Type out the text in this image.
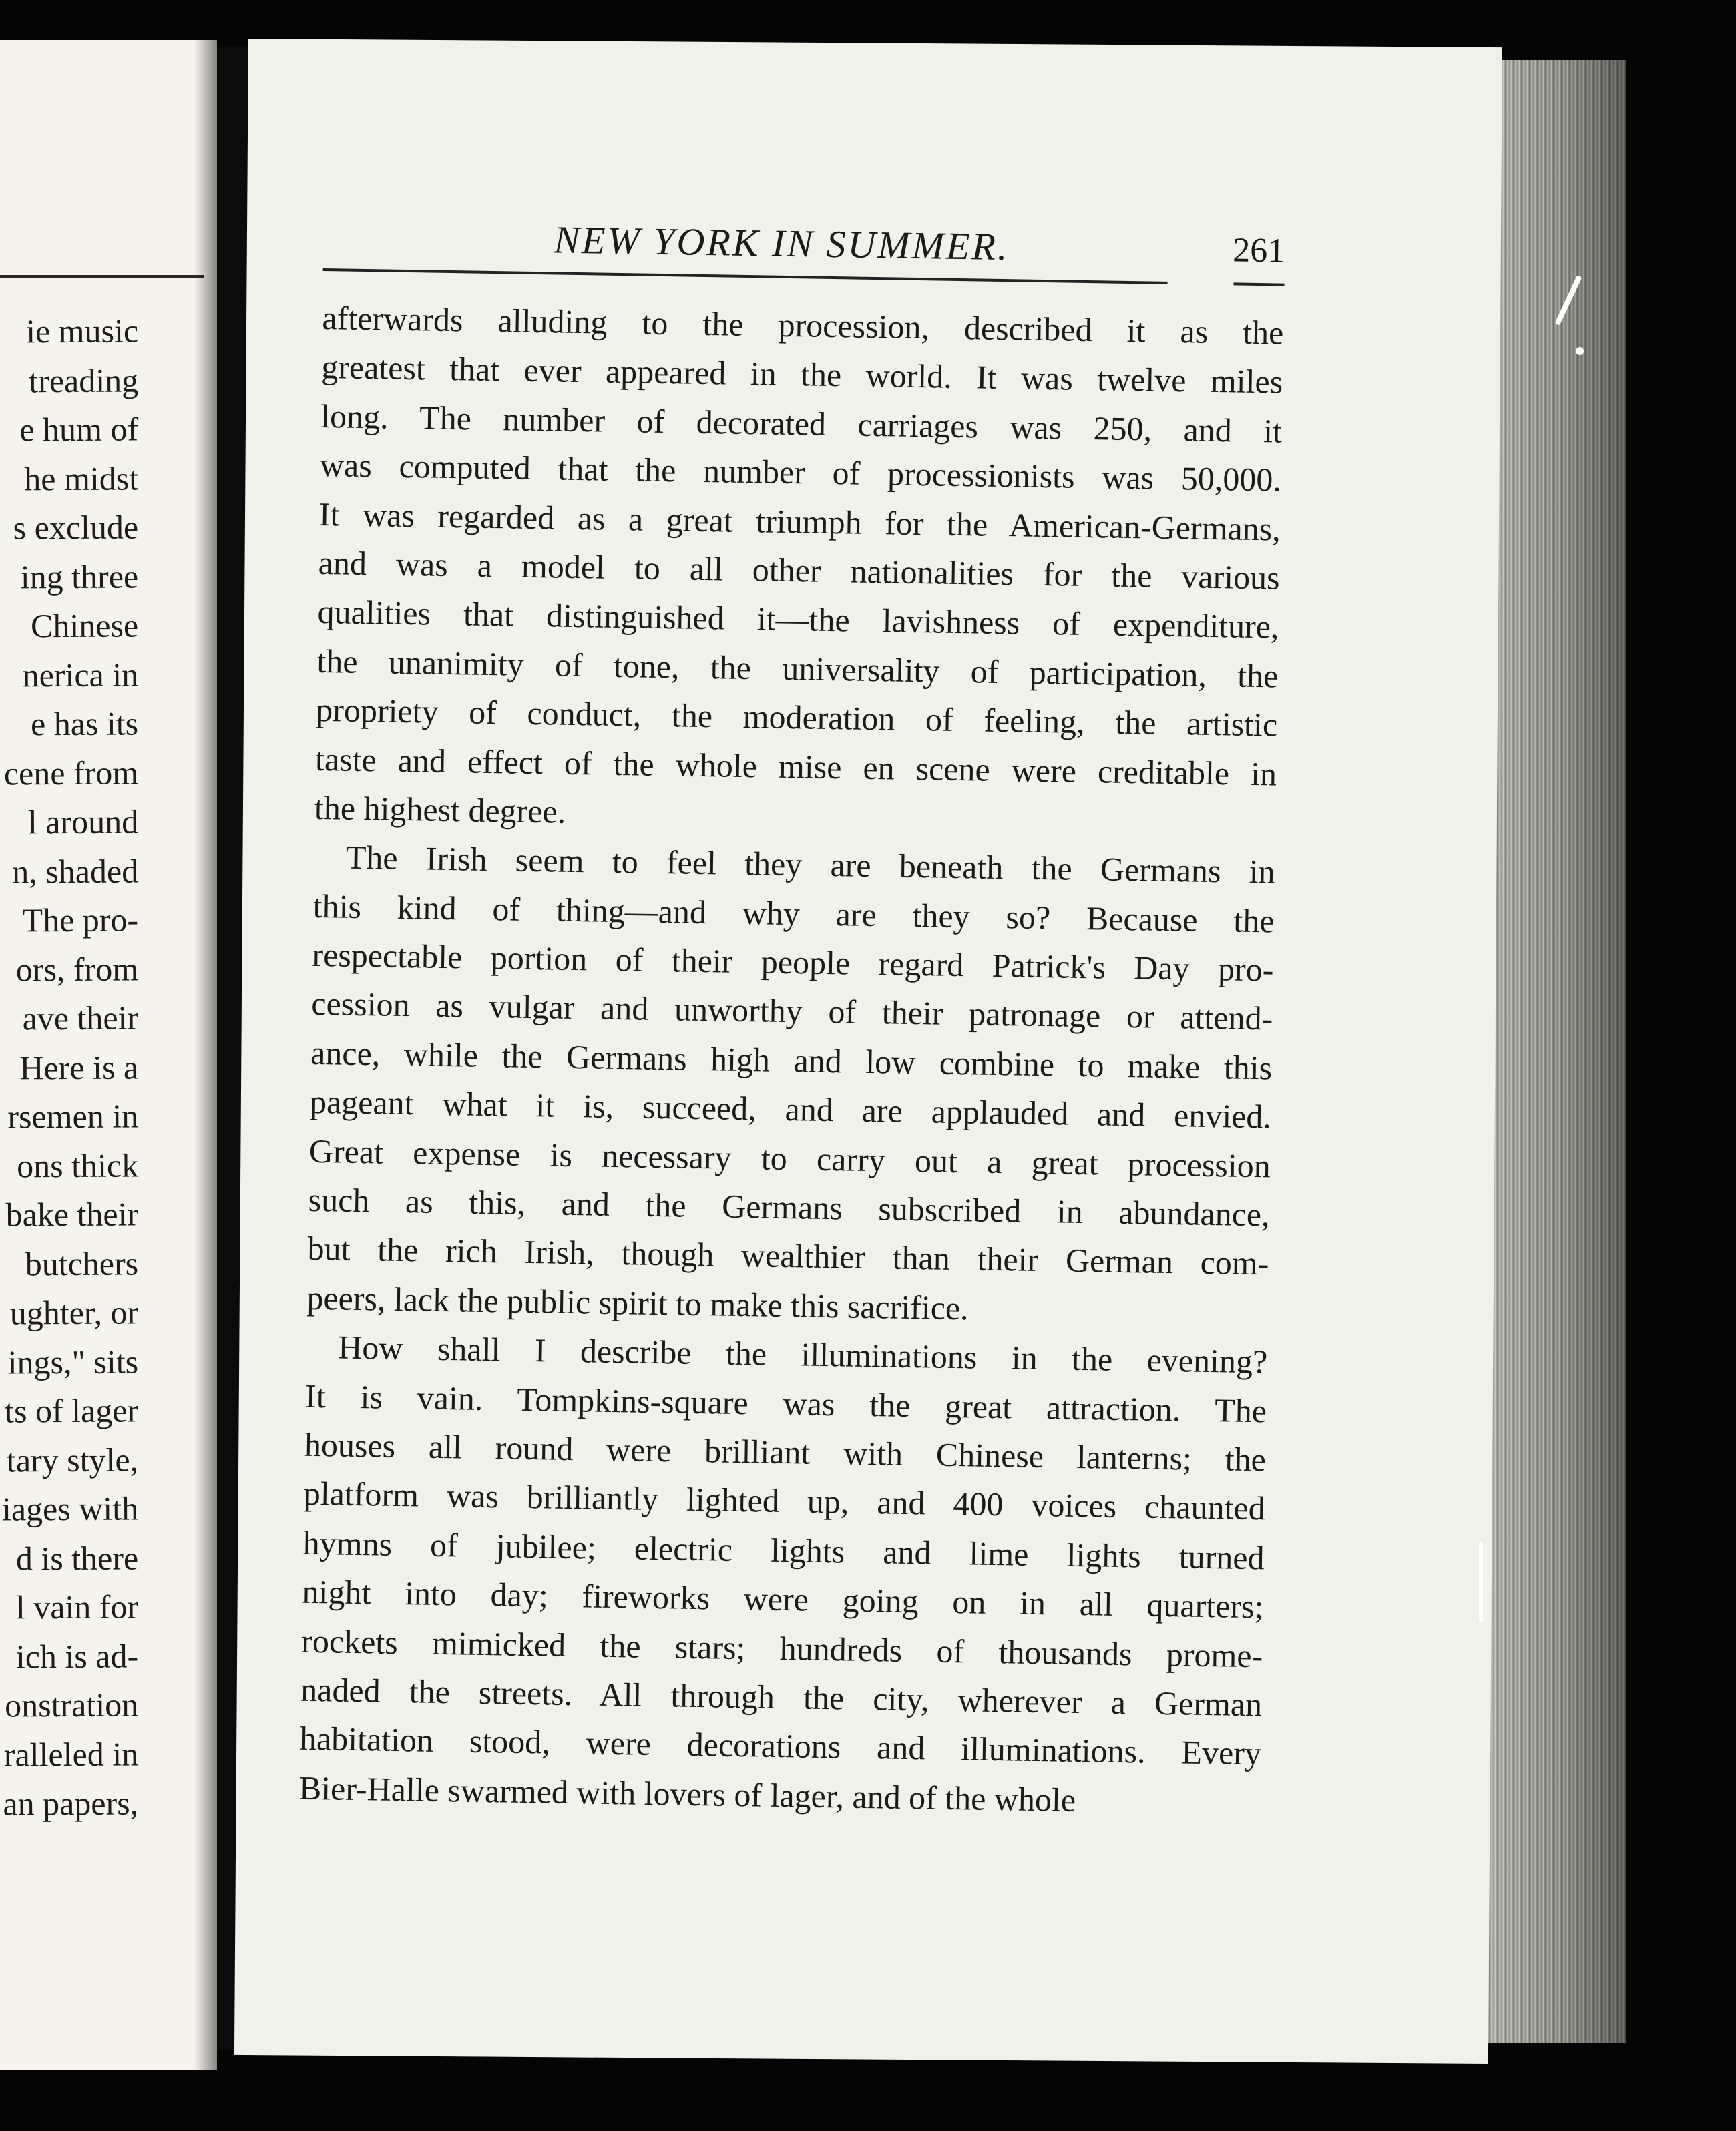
ie music
treading
e hum of
he midst
s exclude
ing three
Chinese
nerica in
e has its
cene from
l around
n, shaded
The pro-
ors, from
ave their
Here is a
rsemen in
ons thick
bake their
butchers
ughter, or
ings," sits
ts of lager
tary style,
iages with
d is there
l vain for
ich is ad-
onstration
ralleled in
an papers,
NEW YORK IN SUMMER.	261
afterwards alluding to the procession, described it as the
greatest that ever appeared in the world. It was twelve miles
long. The number of decorated carriages was 250, and it
was computed that the number of processionists was 50,000.
It was regarded as a great triumph for the American-Germans,
and was a model to all other nationalities for the various
qualities that distinguished it—the lavishness of expenditure,
the unanimity of tone, the universality of participation, the
propriety of conduct, the moderation of feeling, the artistic
taste and effect of the whole mise en scene were creditable in
the highest degree.
The Irish seem to feel they are beneath the Germans in
this kind of thing—and why are they so? Because the
respectable portion of their people regard Patrick's Day pro-
cession as vulgar and unworthy of their patronage or attend-
ance, while the Germans high and low combine to make this
pageant what it is, succeed, and are applauded and envied.
Great expense is necessary to carry out a great procession
such as this, and the Germans subscribed in abundance,
but the rich Irish, though wealthier than their German com-
peers, lack the public spirit to make this sacrifice.
How shall I describe the illuminations in the evening?
It is vain. Tompkins-square was the great attraction. The
houses all round were brilliant with Chinese lanterns; the
platform was brilliantly lighted up, and 400 voices chaunted
hymns of jubilee; electric lights and lime lights turned
night into day; fireworks were going on in all quarters;
rockets mimicked the stars; hundreds of thousands prome-
naded the streets. All through the city, wherever a German
habitation stood, were decorations and illuminations. Every
Bier-Halle swarmed with lovers of lager, and of the whole
